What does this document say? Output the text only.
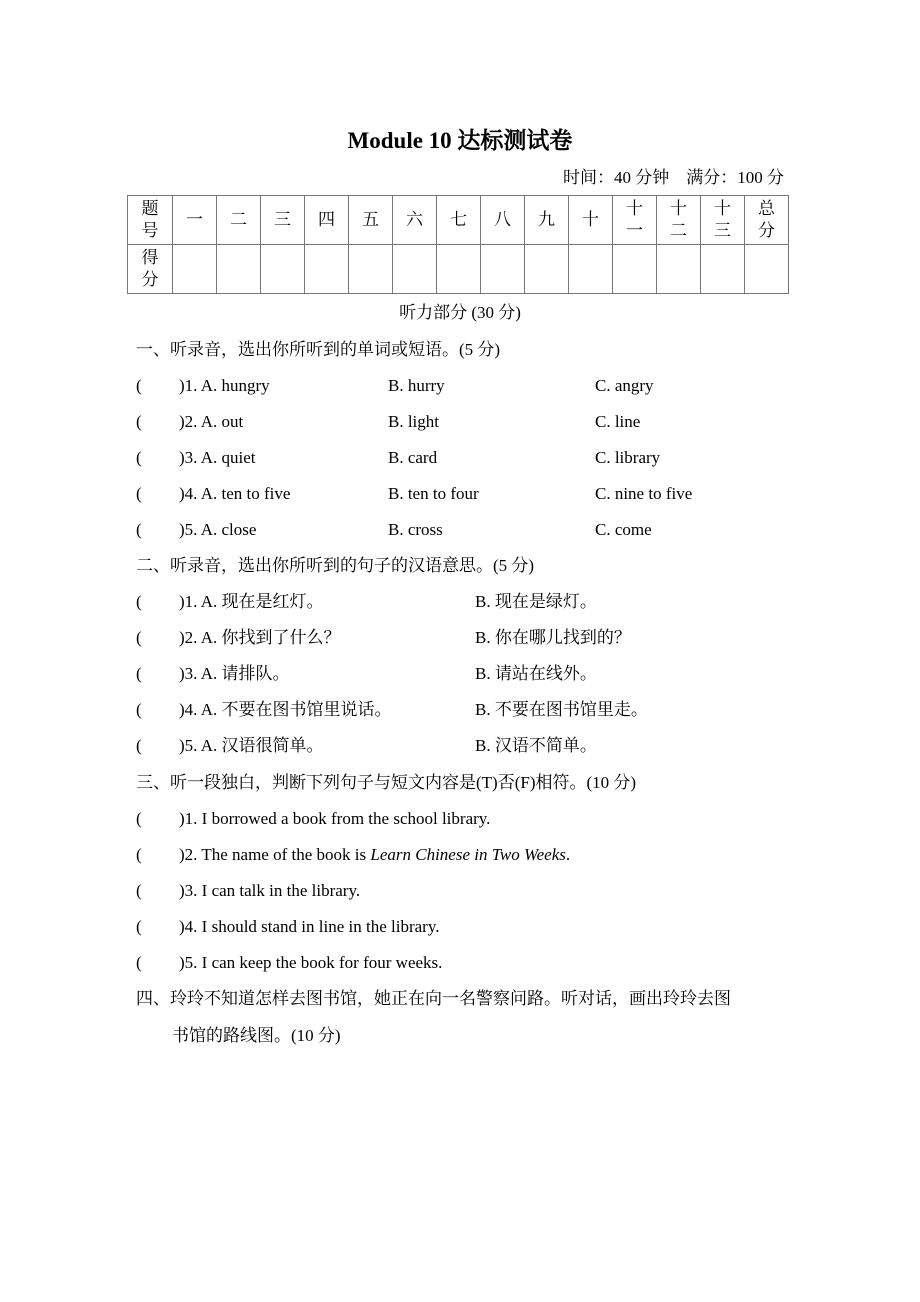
Module 10 达标测试卷
时间：40 分钟　满分：100 分
题号	一	二	三	四	五	六	七	八	九	十	十一	十二	十三	总分
得分														
听力部分 (30 分)
一、听录音，选出你所听到的单词或短语。(5 分)
( )1. A. hungry	B. hurry	C. angry
( )2. A. out	B. light	C. line
( )3. A. quiet	B. card	C. library
( )4. A. ten to five	B. ten to four	C. nine to five
( )5. A. close	B. cross	C. come
二、听录音，选出你所听到的句子的汉语意思。(5 分)
( )1. A. 现在是红灯。	B. 现在是绿灯。
( )2. A. 你找到了什么？	B. 你在哪儿找到的？
( )3. A. 请排队。	B. 请站在线外。
( )4. A. 不要在图书馆里说话。	B. 不要在图书馆里走。
( )5. A. 汉语很简单。	B. 汉语不简单。
三、听一段独白，判断下列句子与短文内容是(T)否(F)相符。(10 分)
( )1. I borrowed a book from the school library.
( )2. The name of the book is Learn Chinese in Two Weeks.
( )3. I can talk in the library.
( )4. I should stand in line in the library.
( )5. I can keep the book for four weeks.
四、玲玲不知道怎样去图书馆，她正在向一名警察问路。听对话，画出玲玲去图
书馆的路线图。(10 分)
